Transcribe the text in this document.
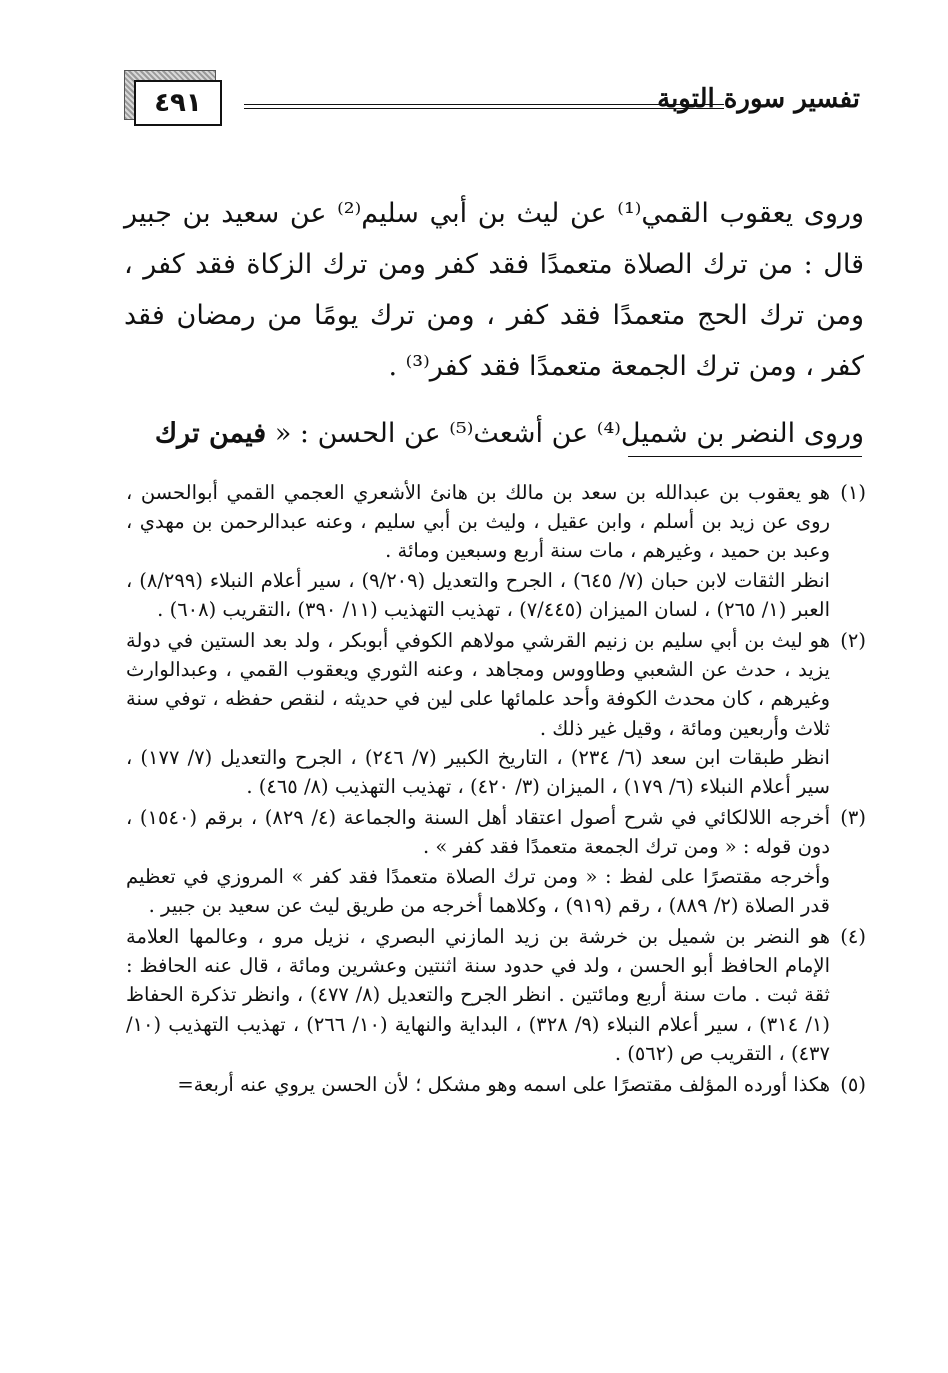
٤٩١	تفسير سورة التوبة

وروى يعقوب القمي⁽¹⁾ عن ليث بن أبي سليم⁽²⁾ عن سعيد بن جبير قال : من ترك الصلاة متعمدًا فقد كفر ومن ترك الزكاة فقد كفر ، ومن ترك الحج متعمدًا فقد كفر ، ومن ترك يومًا من رمضان فقد كفر ، ومن ترك الجمعة متعمدًا فقد كفر⁽³⁾ .

وروى النضر بن شميل⁽⁴⁾ عن أشعث⁽⁵⁾ عن الحسن : « فيمن ترك

(١)
هو يعقوب بن عبدالله بن سعد بن مالك بن هانئ الأشعري العجمي القمي أبوالحسن ، روى عن زيد بن أسلم ، وابن عقيل ، وليث بن أبي سليم ، وعنه عبدالرحمن بن مهدي ، وعبد بن حميد ، وغيرهم ، مات سنة أربع وسبعين ومائة .
انظر الثقات لابن حبان (٧/ ٦٤٥) ، الجرح والتعديل (٩/٢٠٩) ، سير أعلام النبلاء (٨/٢٩٩) ، العبر (١/ ٢٦٥) ، لسان الميزان (٧/٤٤٥) ، تهذيب التهذيب (١١/ ٣٩٠) ،التقريب (٦٠٨) .
(٢)
هو ليث بن أبي سليم بن زنيم القرشي مولاهم الكوفي أبوبكر ، ولد بعد الستين في دولة يزيد ، حدث عن الشعبي وطاووس ومجاهد ، وعنه الثوري ويعقوب القمي ، وعبدالوارث وغيرهم ، كان محدث الكوفة وأحد علمائها على لين في حديثه ، لنقص حفظه ، توفي سنة ثلاث وأربعين ومائة ، وقيل غير ذلك .
انظر طبقات ابن سعد (٦/ ٢٣٤) ، التاريخ الكبير (٧/ ٢٤٦) ، الجرح والتعديل (٧/ ١٧٧) ، سير أعلام النبلاء (٦/ ١٧٩) ، الميزان (٣/ ٤٢٠) ، تهذيب التهذيب (٨/ ٤٦٥) .
(٣)
أخرجه اللالكائي في شرح أصول اعتقاد أهل السنة والجماعة (٤/ ٨٢٩) ، برقم (١٥٤٠) ، دون قوله : « ومن ترك الجمعة متعمدًا فقد كفر » .
وأخرجه مقتصرًا على لفظ : « ومن ترك الصلاة متعمدًا فقد كفر » المروزي في تعظيم قدر الصلاة (٢/ ٨٨٩) ، رقم (٩١٩) ، وكلاهما أخرجه من طريق ليث عن سعيد بن جبير .
(٤)
هو النضر بن شميل بن خرشة بن زيد المازني البصري ، نزيل مرو ، وعالمها العلامة الإمام الحافظ أبو الحسن ، ولد في حدود سنة اثنتين وعشرين ومائة ، قال عنه الحافظ : ثقة ثبت . مات سنة أربع ومائتين . انظر الجرح والتعديل (٨/ ٤٧٧) ، وانظر تذكرة الحفاظ (١/ ٣١٤) ، سير أعلام النبلاء (٩/ ٣٢٨) ، البداية والنهاية (١٠/ ٢٦٦) ، تهذيب التهذيب (١٠/ ٤٣٧) ، التقريب ص (٥٦٢) .
(٥)
هكذا أورده المؤلف مقتصرًا على اسمه وهو مشكل ؛ لأن الحسن يروي عنه أربعة=
